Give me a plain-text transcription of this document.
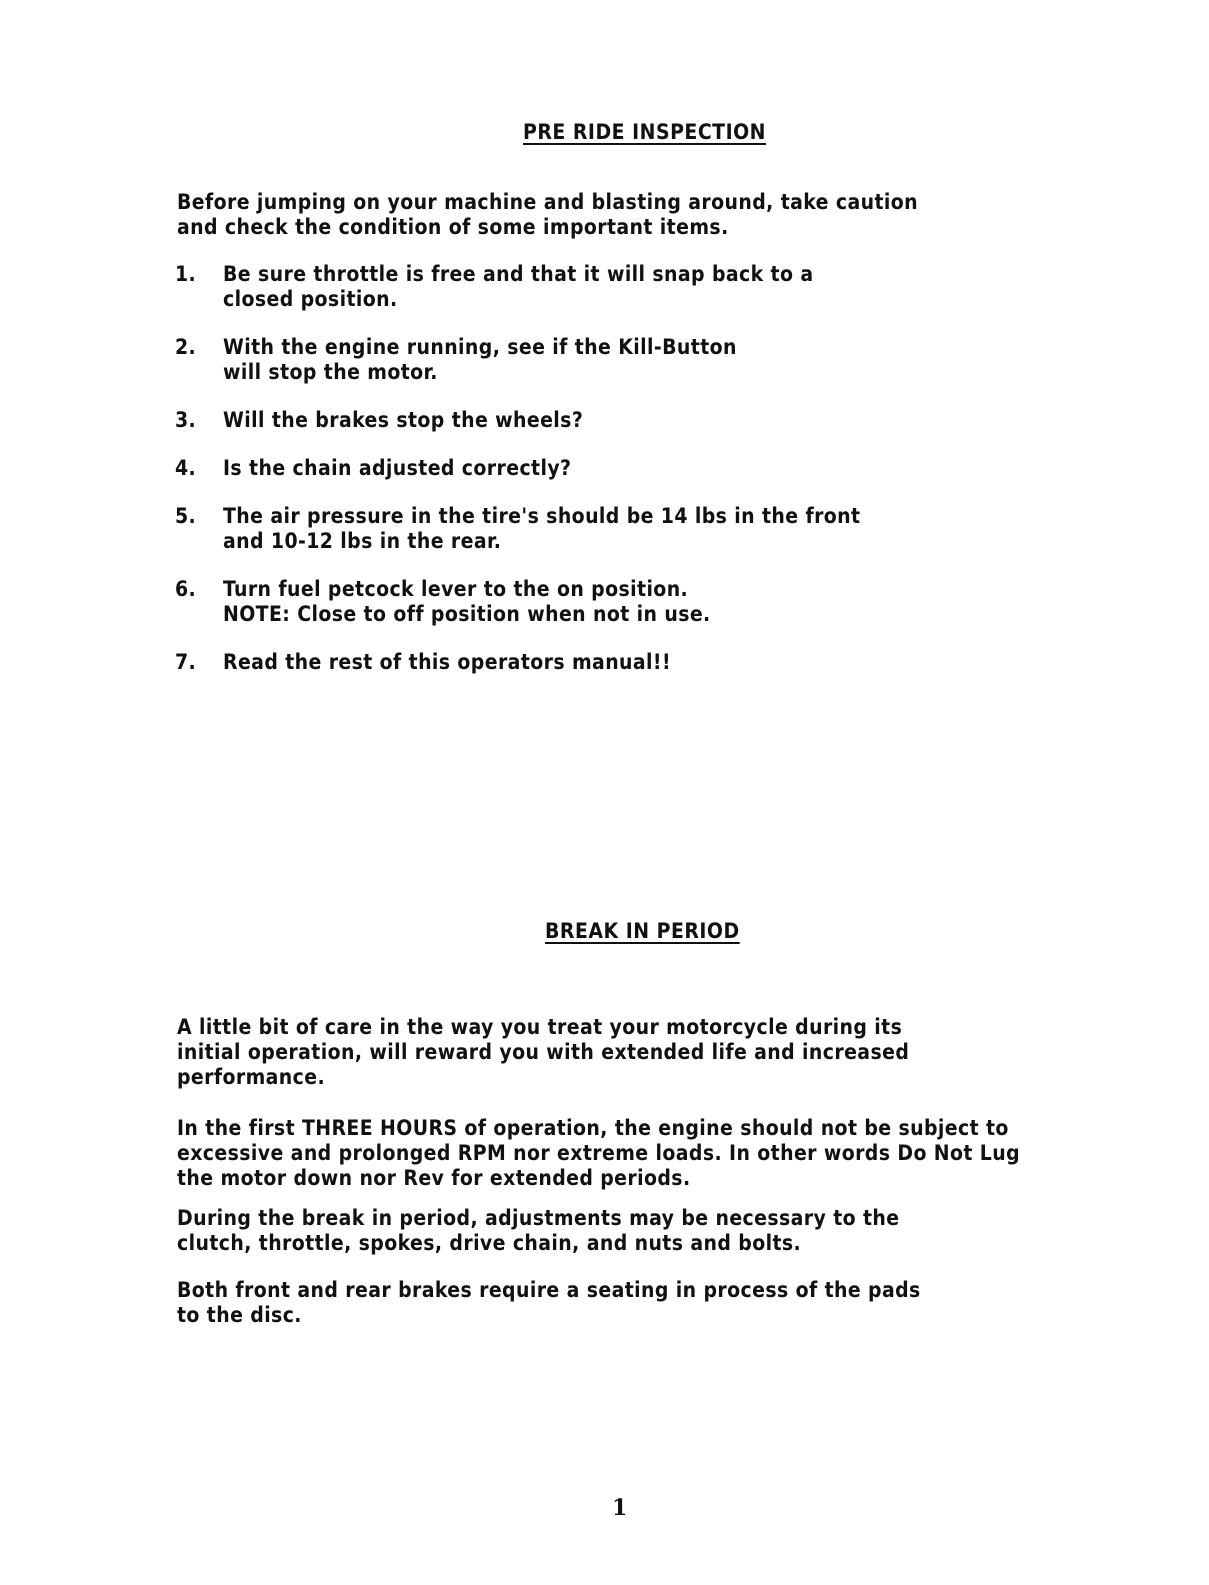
PRE RIDE INSPECTION
Before jumping on your machine and blasting around, take caution
and check the condition of some important items.
1. Be sure throttle is free and that it will snap back to a
closed position.
2. With the engine running, see if the Kill-Button
will stop the motor.
3. Will the brakes stop the wheels?
4. Is the chain adjusted correctly?
5. The air pressure in the tire's should be 14 lbs in the front
and 10-12 lbs in the rear.
6. Turn fuel petcock lever to the on position.
NOTE: Close to off position when not in use.
7. Read the rest of this operators manual!!
BREAK IN PERIOD
A little bit of care in the way you treat your motorcycle during its
initial operation, will reward you with extended life and increased
performance.
In the first THREE HOURS of operation, the engine should not be subject to
excessive and prolonged RPM nor extreme loads. In other words Do Not Lug
the motor down nor Rev for extended periods.
During the break in period, adjustments may be necessary to the
clutch, throttle, spokes, drive chain, and nuts and bolts.
Both front and rear brakes require a seating in process of the pads
to the disc.
1
